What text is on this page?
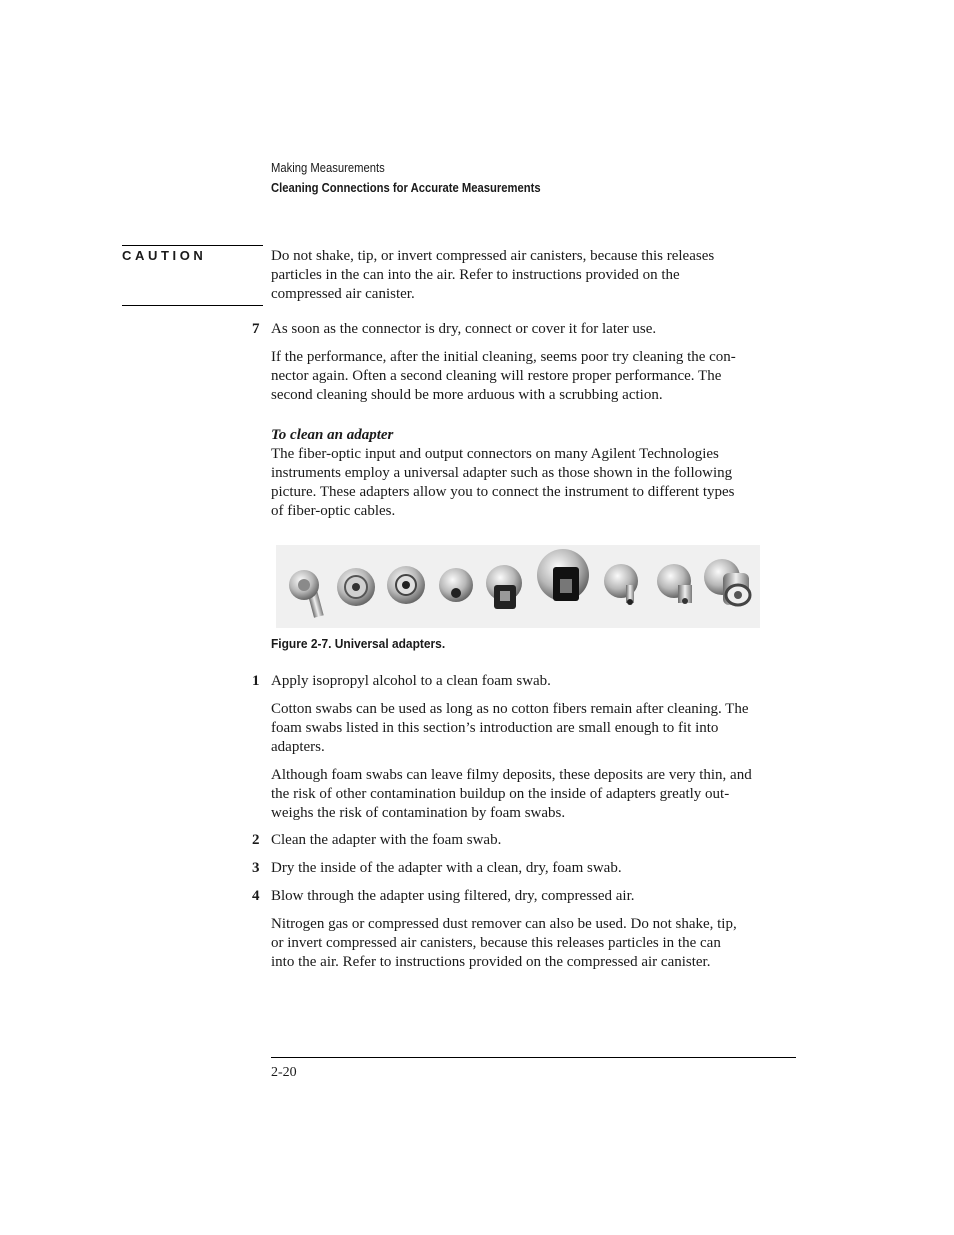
Making Measurements
Cleaning Connections for Accurate Measurements
CAUTION	Do not shake, tip, or invert compressed air canisters, because this releases
particles in the can into the air. Refer to instructions provided on the
compressed air canister.
7 As soon as the connector is dry, connect or cover it for later use.
If the performance, after the initial cleaning, seems poor try cleaning the con-
nector again. Often a second cleaning will restore proper performance. The
second cleaning should be more arduous with a scrubbing action.
To clean an adapter
The fiber-optic input and output connectors on many Agilent Technologies
instruments employ a universal adapter such as those shown in the following
picture. These adapters allow you to connect the instrument to different types
of fiber-optic cables.
Figure 2-7. Universal adapters.
1 Apply isopropyl alcohol to a clean foam swab.
Cotton swabs can be used as long as no cotton fibers remain after cleaning. The
foam swabs listed in this section’s introduction are small enough to fit into
adapters.
Although foam swabs can leave filmy deposits, these deposits are very thin, and
the risk of other contamination buildup on the inside of adapters greatly out-
weighs the risk of contamination by foam swabs.
2 Clean the adapter with the foam swab.
3 Dry the inside of the adapter with a clean, dry, foam swab.
4 Blow through the adapter using filtered, dry, compressed air.
Nitrogen gas or compressed dust remover can also be used. Do not shake, tip,
or invert compressed air canisters, because this releases particles in the can
into the air. Refer to instructions provided on the compressed air canister.
2-20
